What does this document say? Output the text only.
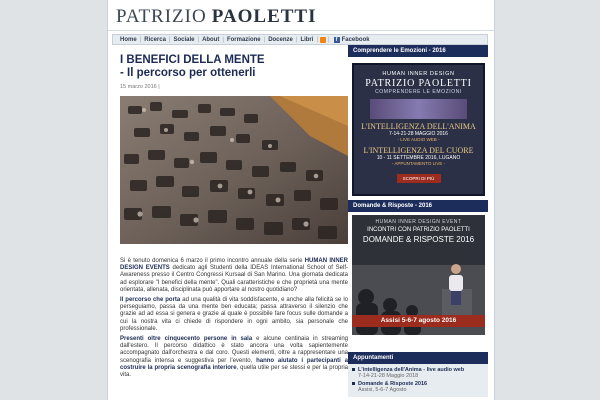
PATRIZIO PAOLETTI
Home | Ricerca | Sociale | About | Formazione | Docenze | Libri | |	f Facebook
I BENEFICI DELLA MENTE
- Il percorso per ottenerli
15 marzo 2016 |

Si è tenuto domenica 6 marzo il primo incontro annuale della serie HUMAN INNER DESIGN EVENTS dedicato agli Studenti della IDEAS International School of Self-Awareness presso il Centro Congressi Kursaal di San Marino. Una giornata dedicata ad esplorare "I benefici della mente". Quali caratteristiche e che proprietà una mente orientata, allenata, disciplinata può apportare al nostro quotidiano?

Il percorso che porta ad una qualità di vita soddisfacente, e anche alla felicità se lo perseguiamo, passa da una mente ben educata; passa attraverso il silenzio che grazie ad ad essa si genera e grazie al quale è possibile fare focus sulle domande a cui la nostra vita ci chiede di rispondere in ogni ambito, sia personale che professionale.

Presenti oltre cinquecento persone in sala e alcune centinaia in streaming dall'estero. Il percorso didattico è stato ancora una volta sapientemente accompagnato dall'orchestra e dal coro. Questi elementi, oltre a rappresentare una scenografia intensa e suggestiva per l'evento, hanno aiutato i partecipanti a costruire la propria scenografia interiore, quella utile per se stessi e per la propria vita.

Comprendere le Emozioni - 2016
HUMAN INNER DESIGN
PATRIZIO PAOLETTI
COMPRENDERE LE EMOZIONI
L'INTELLIGENZA DELL'ANIMA
7-14-21-28 MAGGIO 2016
- LIVE AUDIO WEB -
L'INTELLIGENZA DEL CUORE
10 - 11 SETTEMBRE 2016, LUGANO
- APPUNTAMENTO LIVE -
SCOPRI DI PIÙ
Domande & Risposte - 2016
HUMAN INNER DESIGN EVENT
INCONTRI CON PATRIZIO PAOLETTI
DOMANDE & RISPOSTE 2016
Assisi 5-6-7 agosto 2016
Appuntamenti
L'intelligenza dell'Anima - live audio web
7-14-21-28 Maggio 2018
Domande & Risposte 2016
Assisi, 5-6-7 Agosto
